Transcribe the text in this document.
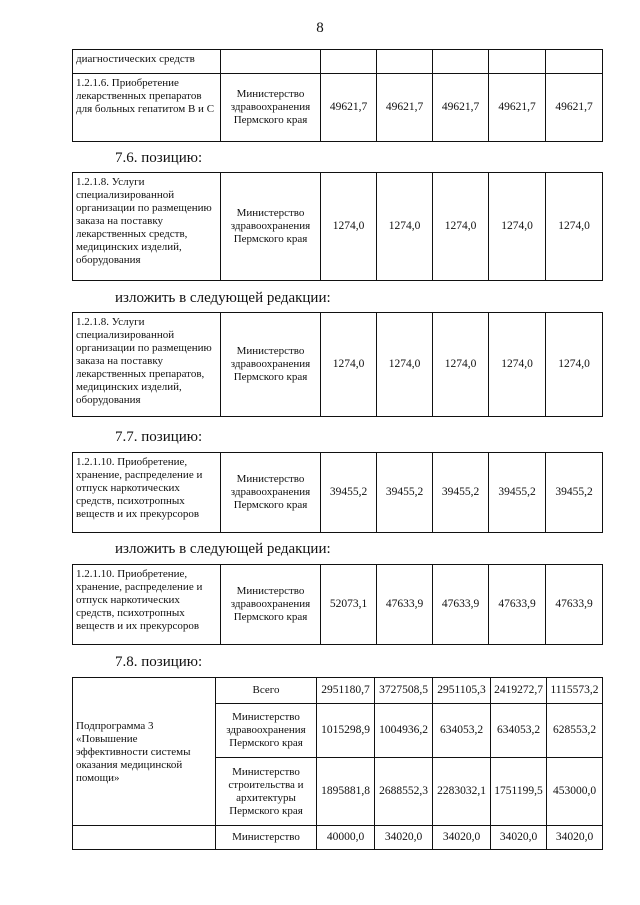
8
диагностических средств						
1.2.1.6. Приобретение лекарственных препаратов для больных гепатитом В и С	Министерство здравоохранения Пермского края	49621,7	49621,7	49621,7	49621,7	49621,7
7.6. позицию:
1.2.1.8. Услуги специализированной организации по размещению заказа на поставку лекарственных средств, медицинских изделий, оборудования	Министерство здравоохранения Пермского края	1274,0	1274,0	1274,0	1274,0	1274,0
изложить в следующей редакции:
1.2.1.8. Услуги специализированной организации по размещению заказа на поставку лекарственных препаратов, медицинских изделий, оборудования	Министерство здравоохранения Пермского края	1274,0	1274,0	1274,0	1274,0	1274,0
7.7. позицию:
1.2.1.10. Приобретение, хранение, распределение и отпуск наркотических средств, психотропных веществ и их прекурсоров	Министерство здравоохранения Пермского края	39455,2	39455,2	39455,2	39455,2	39455,2
изложить в следующей редакции:
1.2.1.10. Приобретение, хранение, распределение и отпуск наркотических средств, психотропных веществ и их прекурсоров	Министерство здравоохранения Пермского края	52073,1	47633,9	47633,9	47633,9	47633,9
7.8. позицию:
Подпрограмма 3 «Повышение эффективности системы оказания медицинской помощи»	Всего	2951180,7	3727508,5	2951105,3	2419272,7	1115573,2
	Министерство здравоохранения Пермского края	1015298,9	1004936,2	634053,2	634053,2	628553,2
	Министерство строительства и архитектуры Пермского края	1895881,8	2688552,3	2283032,1	1751199,5	453000,0
	Министерство	40000,0	34020,0	34020,0	34020,0	34020,0
